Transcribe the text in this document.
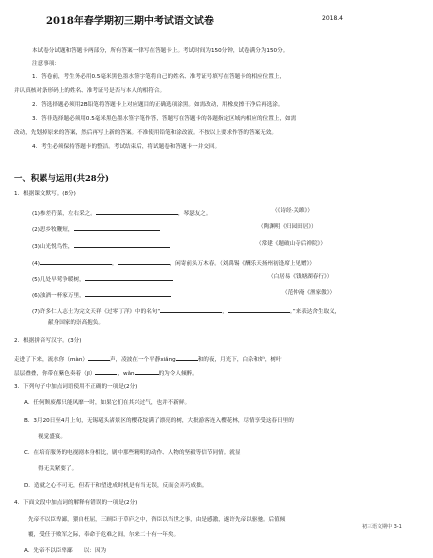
2018年春学期初三期中考试语文试卷	2018.4
本试卷分试题和答题卡两部分，所有答案一律写在答题卡上。考试时间为150分钟，试卷满分为150分。
注意事项：
1．答卷前，考生务必用0.5毫米黑色墨水签字笔将自己的姓名、准考证号填写在答题卡的相应位置上，
并认真核对条形码上的姓名、准考证号是否与本人的相符合。
2．答选择题必须用2B铅笔将答题卡上对应题目的正确选项涂黑。如需改动，用橡皮擦干净后再选涂。
3．答非选择题必须用0.5毫米黑色墨水签字笔作答，答题写在答题卡的各题指定区域内相应的位置上，如需
改动，先划掉原来的答案，然后再写上新的答案。不准使用铅笔和涂改液。不按以上要求作答的答案无效。
4．考生必须保持答题卡的整洁。考试结束后，将试题卷和答题卡一并交回。
一、积累与运用(共28分)
1．根据课文默写。(8分)
(1)参差荇菜，左右采之。	，琴瑟友之。	（《诗经·关雎》）
(2)思乡牧鞭短，	（陶渊明《归园田居》）
(3)山光悦鸟性，	（常建《题破山寺后禅院》）
(4)	，	，闲寄前头万木春。（刘禹锡《酬乐天扬州初逢席上见赠》）
(5)几处早莺争暖树，	（白居易《钱塘湖春行》）
(6)浊酒一杯家万里，	（范仲淹《渔家傲》）
(7)许多仁人志士为完文天祥《过零丁洋》中的名句“	，	。”来表达舍生取义，
献身国家的崇高抱负。
2．根据拼音写汉字。(3分)
走进了下来，流水你（màn）	声，凌波在一个平静xiǎng	和的夜，月光下，白杂和炉，树叶
层层叠叠，你带在紫色奏着（jī）	，wǎn	的为令人倾醉。
3．下列句子中加点词语使用不正确的一项是(2分)
A．任何颓废都只能风靡一时，如果它们在其兴过气，也并不新鲜。
B．3月20日至4月上旬，无锡鼋头渚景区的樱花绽满了漂亮的树，大批游客连入樱花林，尽情享受这春日里的
视觉盛宴。
C．在培育服务的电视剧本身相比，剧中那些精明的动作、人物的坚毅等信节同情。就显
得无关紧要了。
D．造就之心不可无，但若干和望进成时机是有当无误，反而会弄巧成拙。
4．下面文段中加点词的解释有错误的一项是(2分)
先帝不以臣卑鄙，猥自枉屈，三顾臣于草庐之中，咨臣以当世之事，由是感激，遂许先帝以驱驰。后值倾
覆，受任于败军之际，奉命于危难之间，尔来二十有一年矣。
A．先帝不以臣卑鄙　　以：因为
初三语文期中 3-1
